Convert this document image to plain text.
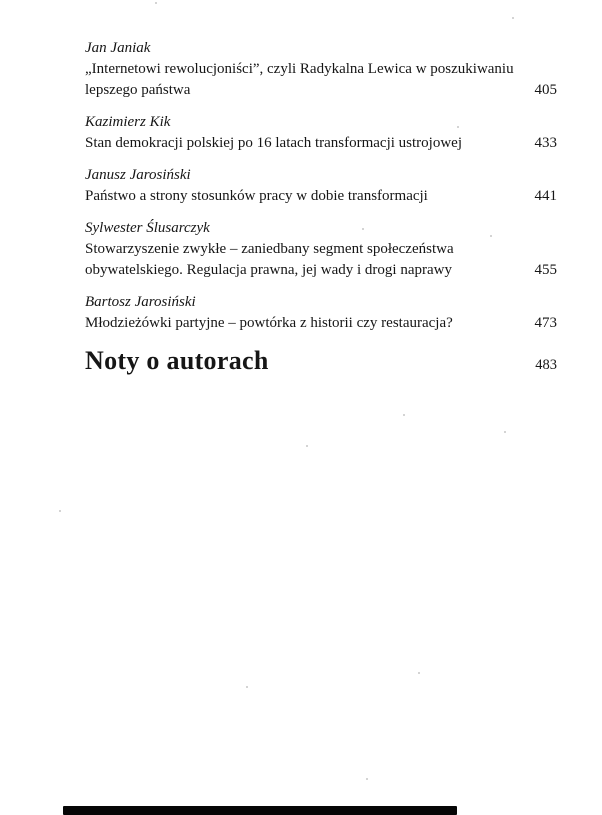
Jan Janiak
„Internetowi rewolucjoniści”, czyli Radykalna Lewica w poszukiwaniu
lepszego państwa	405
Kazimierz Kik
Stan demokracji polskiej po 16 latach transformacji ustrojowej	433
Janusz Jarosiński
Państwo a strony stosunków pracy w dobie transformacji	441
Sylwester Ślusarczyk
Stowarzyszenie zwykłe – zaniedbany segment społeczeństwa
obywatelskiego. Regulacja prawna, jej wady i drogi naprawy	455
Bartosz Jarosiński
Młodzieżówki partyjne – powtórka z historii czy restauracja?	473
Noty o autorach	483
